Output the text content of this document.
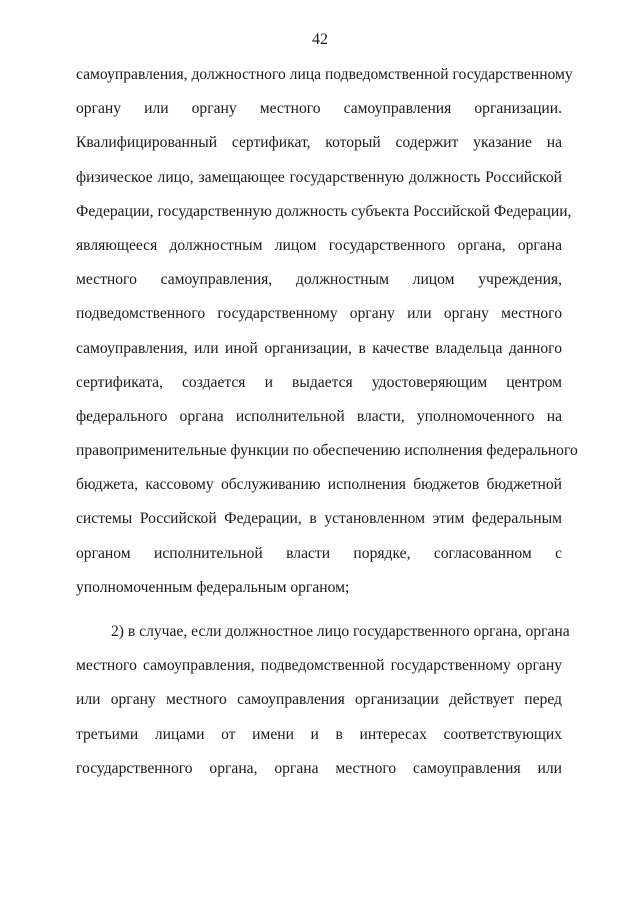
42
самоуправления, должностного лица подведомственной государственному
органу или органу местного самоуправления организации.
Квалифицированный сертификат, который содержит указание на
физическое лицо, замещающее государственную должность Российской
Федерации, государственную должность субъекта Российской Федерации,
являющееся должностным лицом государственного органа, органа
местного самоуправления, должностным лицом учреждения,
подведомственного государственному органу или органу местного
самоуправления, или иной организации, в качестве владельца данного
сертификата, создается и выдается удостоверяющим центром
федерального органа исполнительной власти, уполномоченного на
правоприменительные функции по обеспечению исполнения федерального
бюджета, кассовому обслуживанию исполнения бюджетов бюджетной
системы Российской Федерации, в установленном этим федеральным
органом исполнительной власти порядке, согласованном с
уполномоченным федеральным органом;
2) в случае, если должностное лицо государственного органа, органа
местного самоуправления, подведомственной государственному органу
или органу местного самоуправления организации действует перед
третьими лицами от имени и в интересах соответствующих
государственного органа, органа местного самоуправления или
